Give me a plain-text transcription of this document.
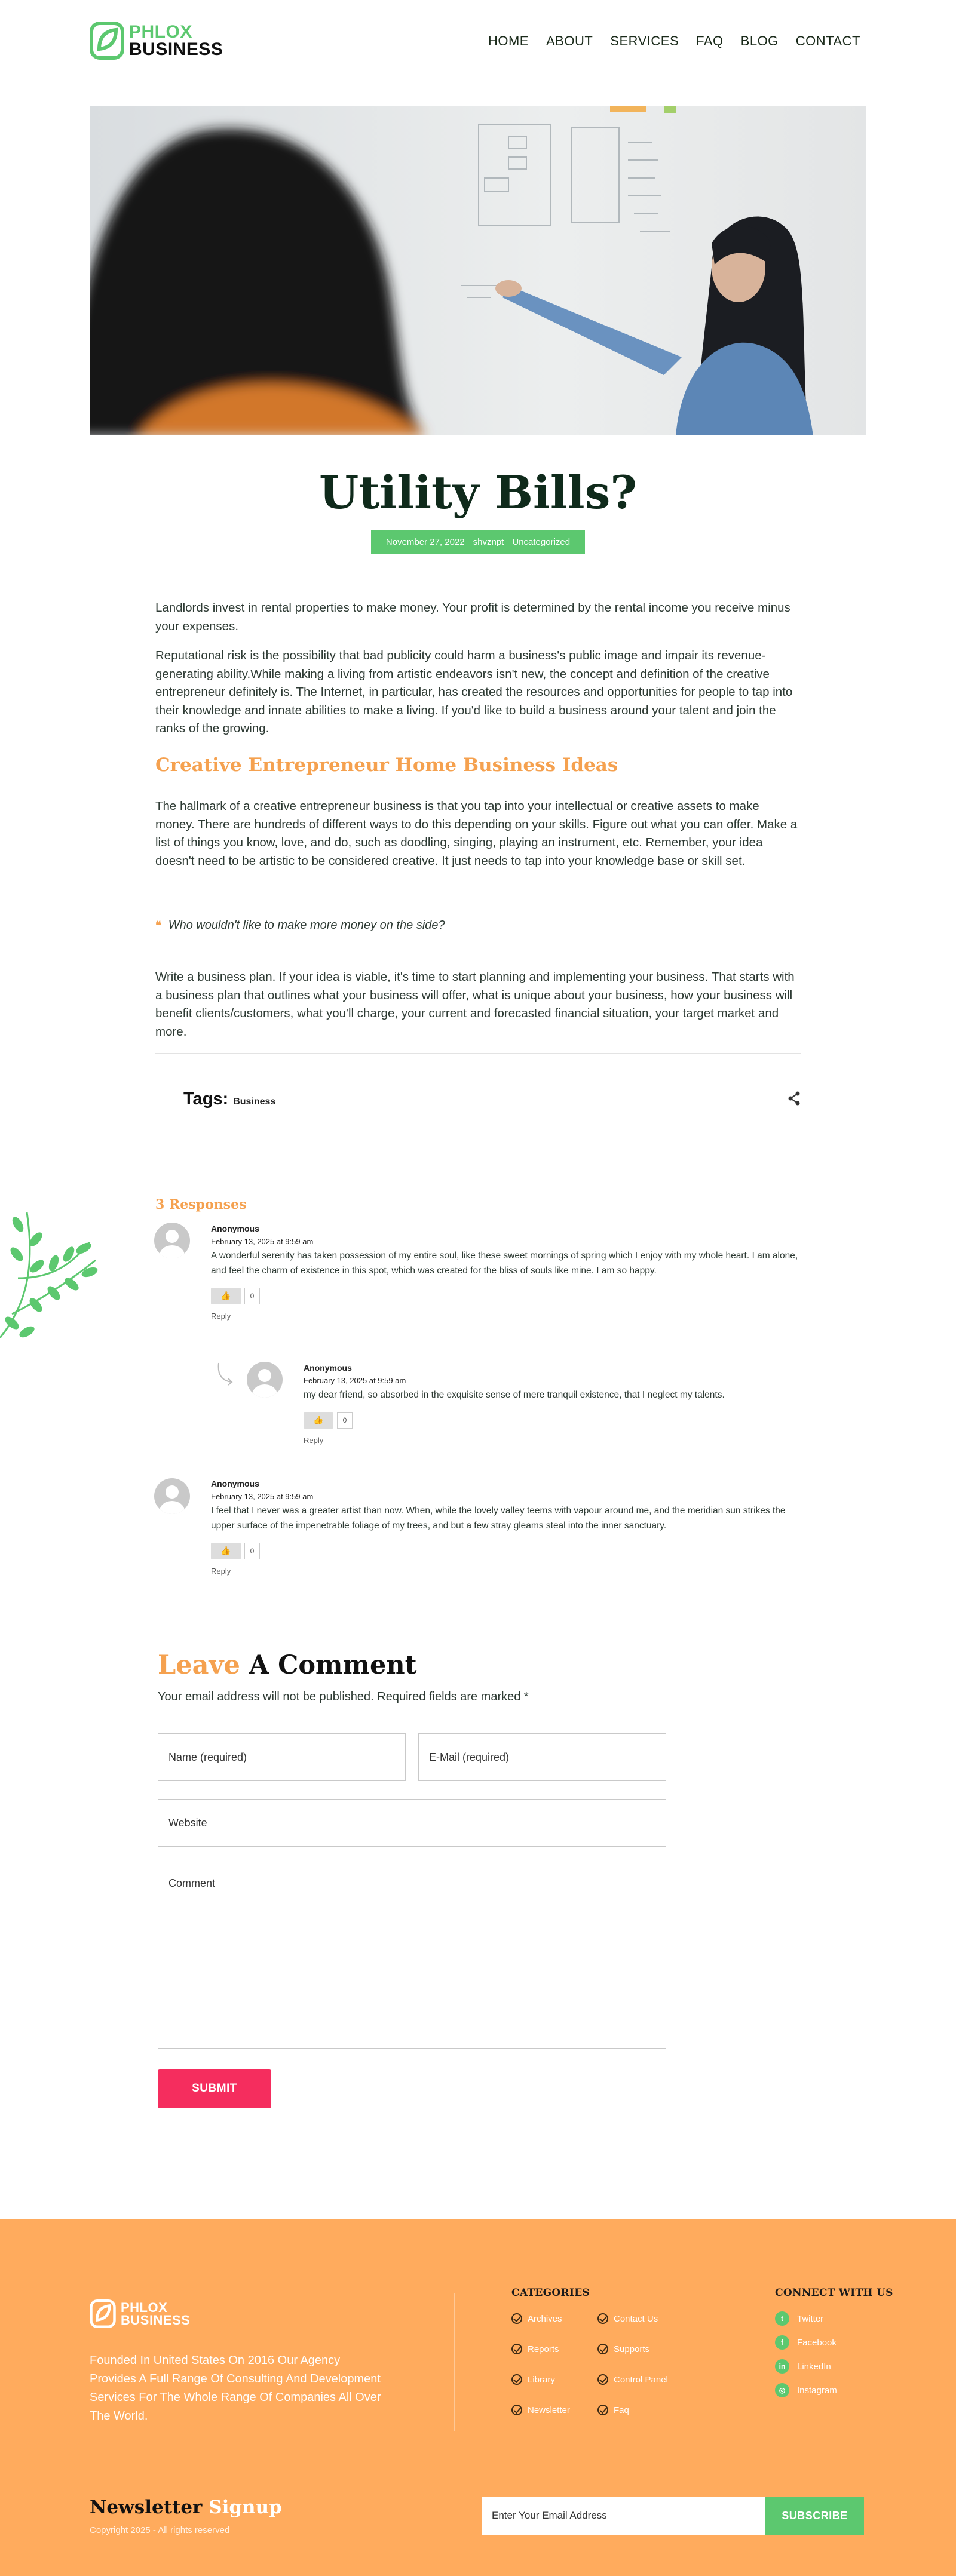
PHLOX
BUSINESS	HOME ABOUT SERVICES FAQ BLOG CONTACT
Utility Bills?
November 27, 2022 shvznpt Uncategorized

Landlords invest in rental properties to make money. Your profit is determined by the rental income you receive minus your expenses.

Reputational risk is the possibility that bad publicity could harm a business's public image and impair its revenue-generating ability.While making a living from artistic endeavors isn't new, the concept and definition of the creative entrepreneur definitely is. The Internet, in particular, has created the resources and opportunities for people to tap into their knowledge and innate abilities to make a living. If you'd like to build a business around your talent and join the ranks of the growing.

Creative Entrepreneur Home Business Ideas

The hallmark of a creative entrepreneur business is that you tap into your intellectual or creative assets to make money. There are hundreds of different ways to do this depending on your skills. Figure out what you can offer. Make a list of things you know, love, and do, such as doodling, singing, playing an instrument, etc. Remember, your idea doesn't need to be artistic to be considered creative. It just needs to tap into your knowledge base or skill set.

❝ Who wouldn't like to make more money on the side?

Write a business plan. If your idea is viable, it's time to start planning and implementing your business. That starts with a business plan that outlines what your business will offer, what is unique about your business, how your business will benefit clients/customers, what you'll charge, your current and forecasted financial situation, your target market and more.

Tags: Business
3 Responses
Anonymous
February 13, 2025 at 9:59 am
A wonderful serenity has taken possession of my entire soul, like these sweet mornings of spring which I enjoy with my whole heart. I am alone, and feel the charm of existence in this spot, which was created for the bliss of souls like mine. I am so happy.
👍	0
Reply
Anonymous
February 13, 2025 at 9:59 am
my dear friend, so absorbed in the exquisite sense of mere tranquil existence, that I neglect my talents.
👍	0
Reply
Anonymous
February 13, 2025 at 9:59 am
I feel that I never was a greater artist than now. When, while the lovely valley teems with vapour around me, and the meridian sun strikes the upper surface of the impenetrable foliage of my trees, and but a few stray gleams steal into the inner sanctuary.
👍	0
Reply
Leave A Comment

Your email address will not be published. Required fields are marked *

Name (required)	E-Mail (required)
Website
Comment
SUBMIT
PHLOX
BUSINESS

Founded In United States On 2016 Our Agency Provides A Full Range Of Consulting And Development Services For The Whole Range Of Companies All Over The World.

CATEGORIES
Archives
Reports
Library
Newsletter
Contact Us
Supports
Control Panel
Faq
CONNECT WITH US
t	Twitter
f	Facebook
in	LinkedIn
◎	Instagram
Newsletter Signup
Copyright 2025 - All rights reserved
Enter Your Email Address	SUBSCRIBE
